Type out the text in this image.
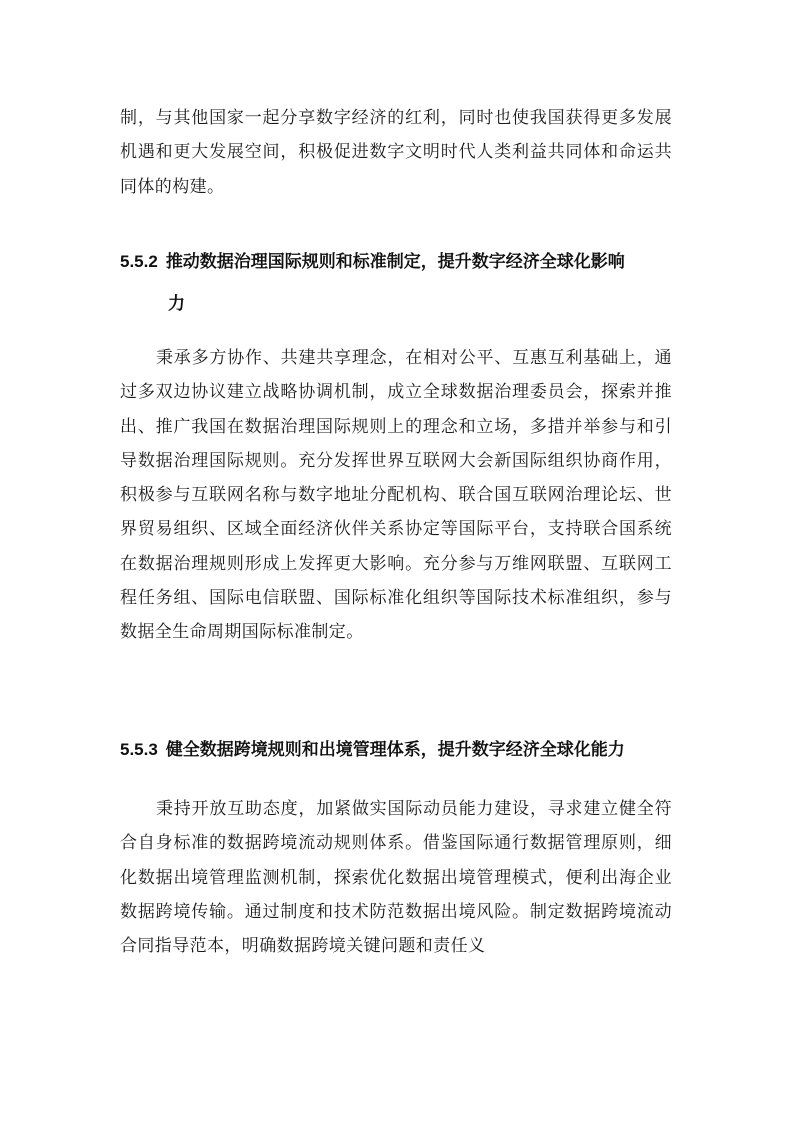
制，与其他国家一起分享数字经济的红利，同时也使我国获得更多发展机遇和更大发展空间，积极促进数字文明时代人类利益共同体和命运共同体的构建。

5.5.2 推动数据治理国际规则和标准制定，提升数字经济全球化影响
力

秉承多方协作、共建共享理念，在相对公平、互惠互利基础上，通过多双边协议建立战略协调机制，成立全球数据治理委员会，探索并推出、推广我国在数据治理国际规则上的理念和立场，多措并举参与和引导数据治理国际规则。充分发挥世界互联网大会新国际组织协商作用，积极参与互联网名称与数字地址分配机构、联合国互联网治理论坛、世界贸易组织、区域全面经济伙伴关系协定等国际平台，支持联合国系统在数据治理规则形成上发挥更大影响。充分参与万维网联盟、互联网工程任务组、国际电信联盟、国际标准化组织等国际技术标准组织，参与数据全生命周期国际标准制定。

5.5.3 健全数据跨境规则和出境管理体系，提升数字经济全球化能力

秉持开放互助态度，加紧做实国际动员能力建设，寻求建立健全符合自身标准的数据跨境流动规则体系。借鉴国际通行数据管理原则，细化数据出境管理监测机制，探索优化数据出境管理模式，便利出海企业数据跨境传输。通过制度和技术防范数据出境风险。制定数据跨境流动合同指导范本，明确数据跨境关键问题和责任义
